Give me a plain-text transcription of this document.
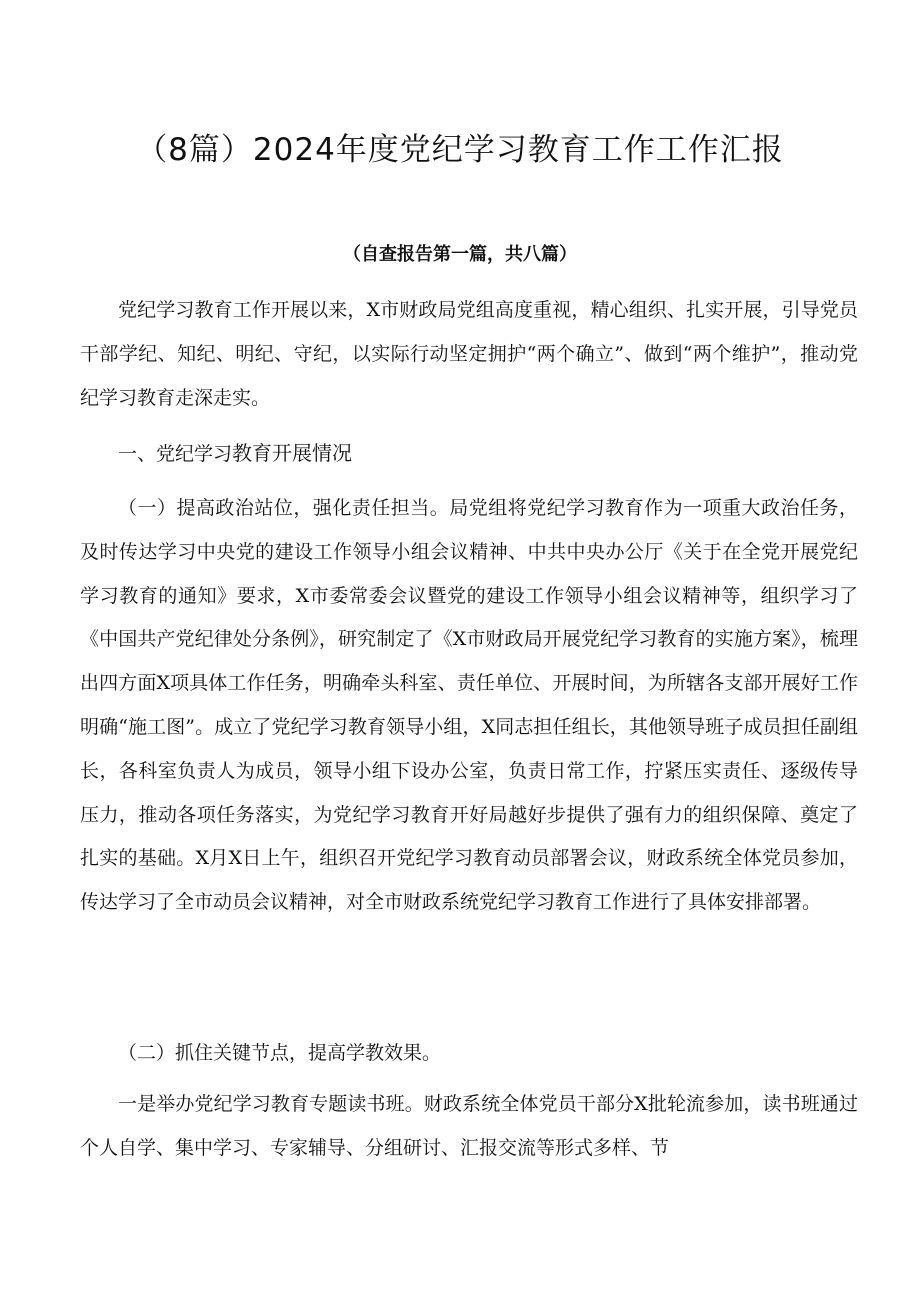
（8篇）2024年度党纪学习教育工作工作汇报

（自查报告第一篇，共八篇）

党纪学习教育工作开展以来，X市财政局党组高度重视，精心组织、扎实开展，引导党员干部学纪、知纪、明纪、守纪，以实际行动坚定拥护“两个确立”、做到“两个维护”，推动党纪学习教育走深走实。

一、党纪学习教育开展情况

（一）提高政治站位，强化责任担当。局党组将党纪学习教育作为一项重大政治任务，及时传达学习中央党的建设工作领导小组会议精神、中共中央办公厅《关于在全党开展党纪学习教育的通知》要求，X市委常委会议暨党的建设工作领导小组会议精神等，组织学习了《中国共产党纪律处分条例》，研究制定了《X市财政局开展党纪学习教育的实施方案》，梳理出四方面X项具体工作任务，明确牵头科室、责任单位、开展时间，为所辖各支部开展好工作明确“施工图”。成立了党纪学习教育领导小组，X同志担任组长，其他领导班子成员担任副组长，各科室负责人为成员，领导小组下设办公室，负责日常工作，拧紧压实责任、逐级传导压力，推动各项任务落实，为党纪学习教育开好局越好步提供了强有力的组织保障、奠定了扎实的基础。X月X日上午，组织召开党纪学习教育动员部署会议，财政系统全体党员参加，传达学习了全市动员会议精神，对全市财政系统党纪学习教育工作进行了具体安排部署。

（二）抓住关键节点，提高学教效果。

一是举办党纪学习教育专题读书班。财政系统全体党员干部分X批轮流参加，读书班通过个人自学、集中学习、专家辅导、分组研讨、汇报交流等形式多样、节
